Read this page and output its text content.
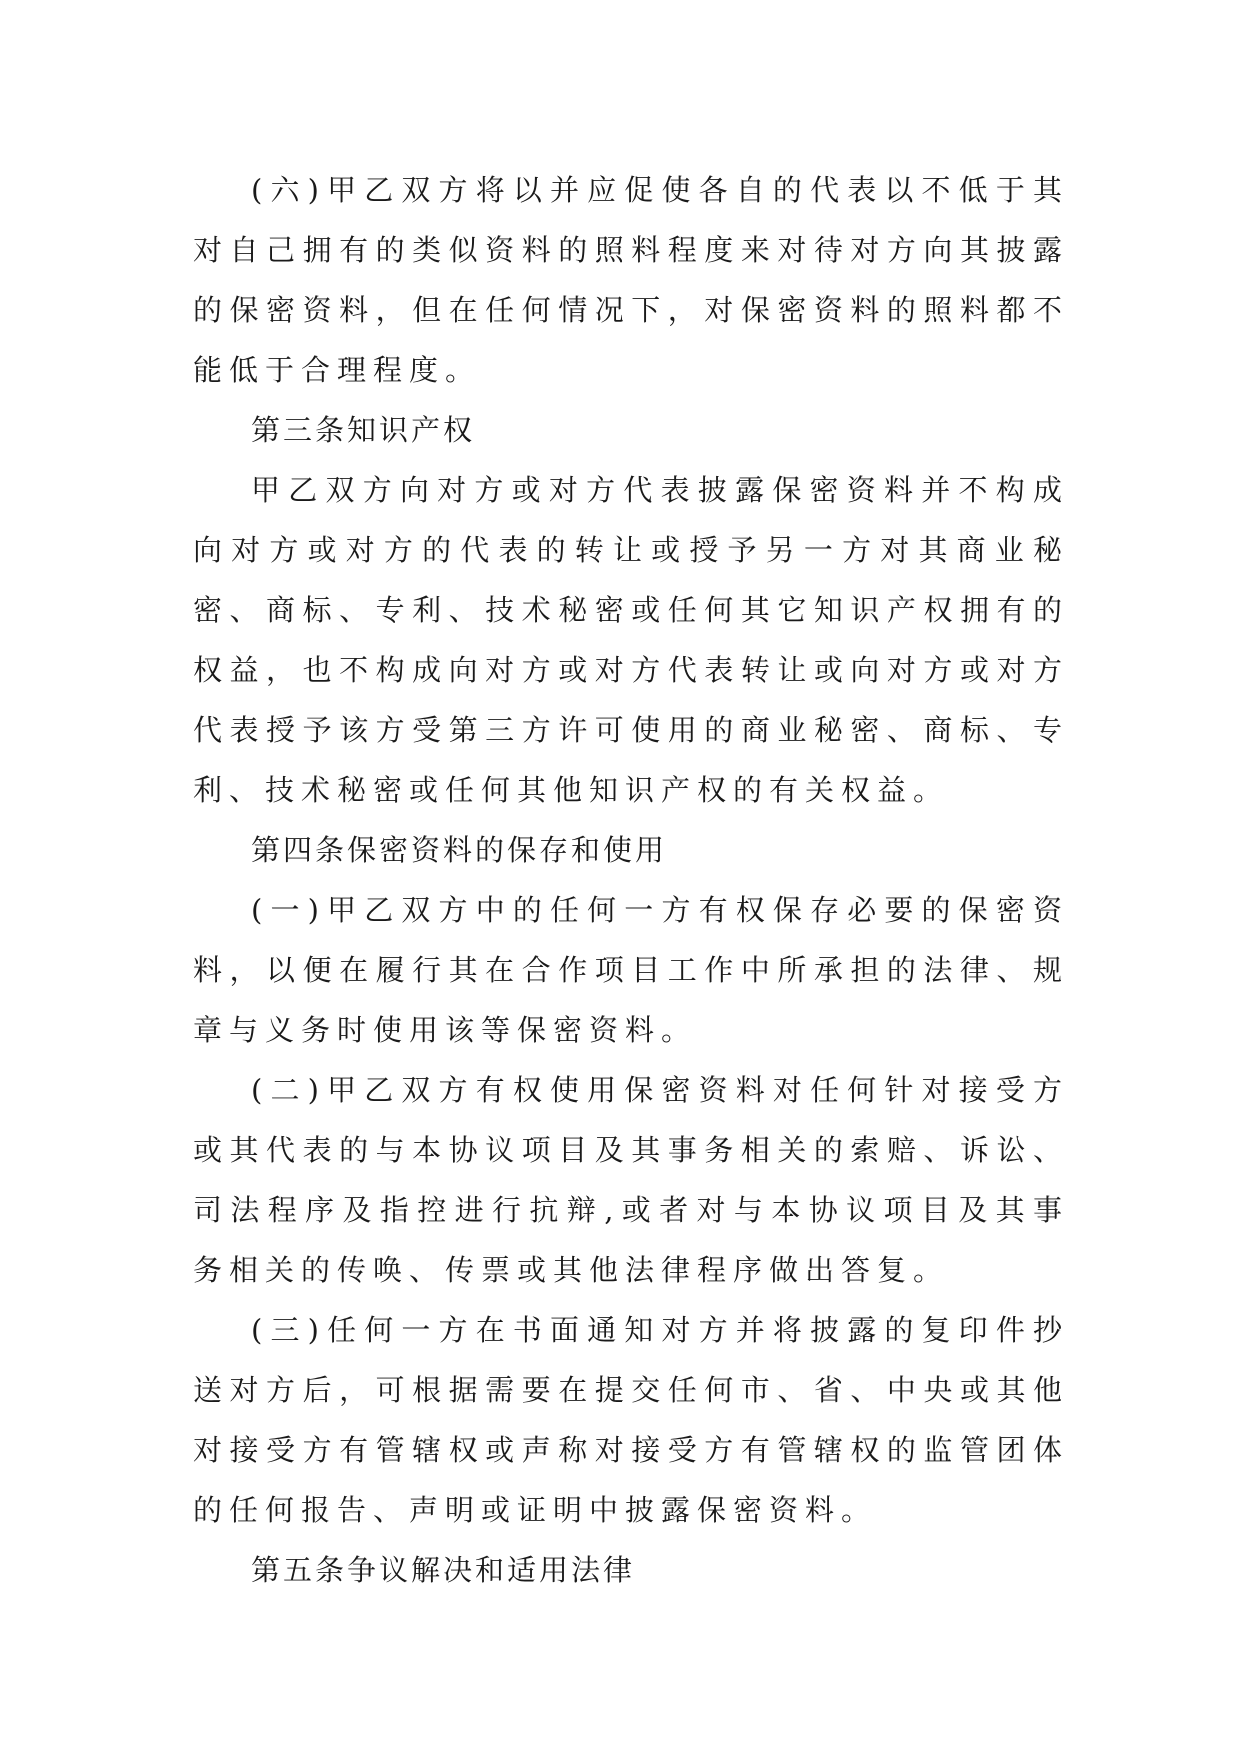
(六)甲乙双方将以并应促使各自的代表以不低于其对自己拥有的类似资料的照料程度来对待对方向其披露的保密资料，但在任何情况下，对保密资料的照料都不能低于合理程度。

第三条知识产权

甲乙双方向对方或对方代表披露保密资料并不构成向对方或对方的代表的转让或授予另一方对其商业秘密、商标、专利、技术秘密或任何其它知识产权拥有的权益，也不构成向对方或对方代表转让或向对方或对方代表授予该方受第三方许可使用的商业秘密、商标、专利、技术秘密或任何其他知识产权的有关权益。

第四条保密资料的保存和使用

(一)甲乙双方中的任何一方有权保存必要的保密资料，以便在履行其在合作项目工作中所承担的法律、规章与义务时使用该等保密资料。

(二)甲乙双方有权使用保密资料对任何针对接受方或其代表的与本协议项目及其事务相关的索赔、诉讼、司法程序及指控进行抗辩,或者对与本协议项目及其事务相关的传唤、传票或其他法律程序做出答复。

(三)任何一方在书面通知对方并将披露的复印件抄送对方后，可根据需要在提交任何市、省、中央或其他对接受方有管辖权或声称对接受方有管辖权的监管团体的任何报告、声明或证明中披露保密资料。

第五条争议解决和适用法律
